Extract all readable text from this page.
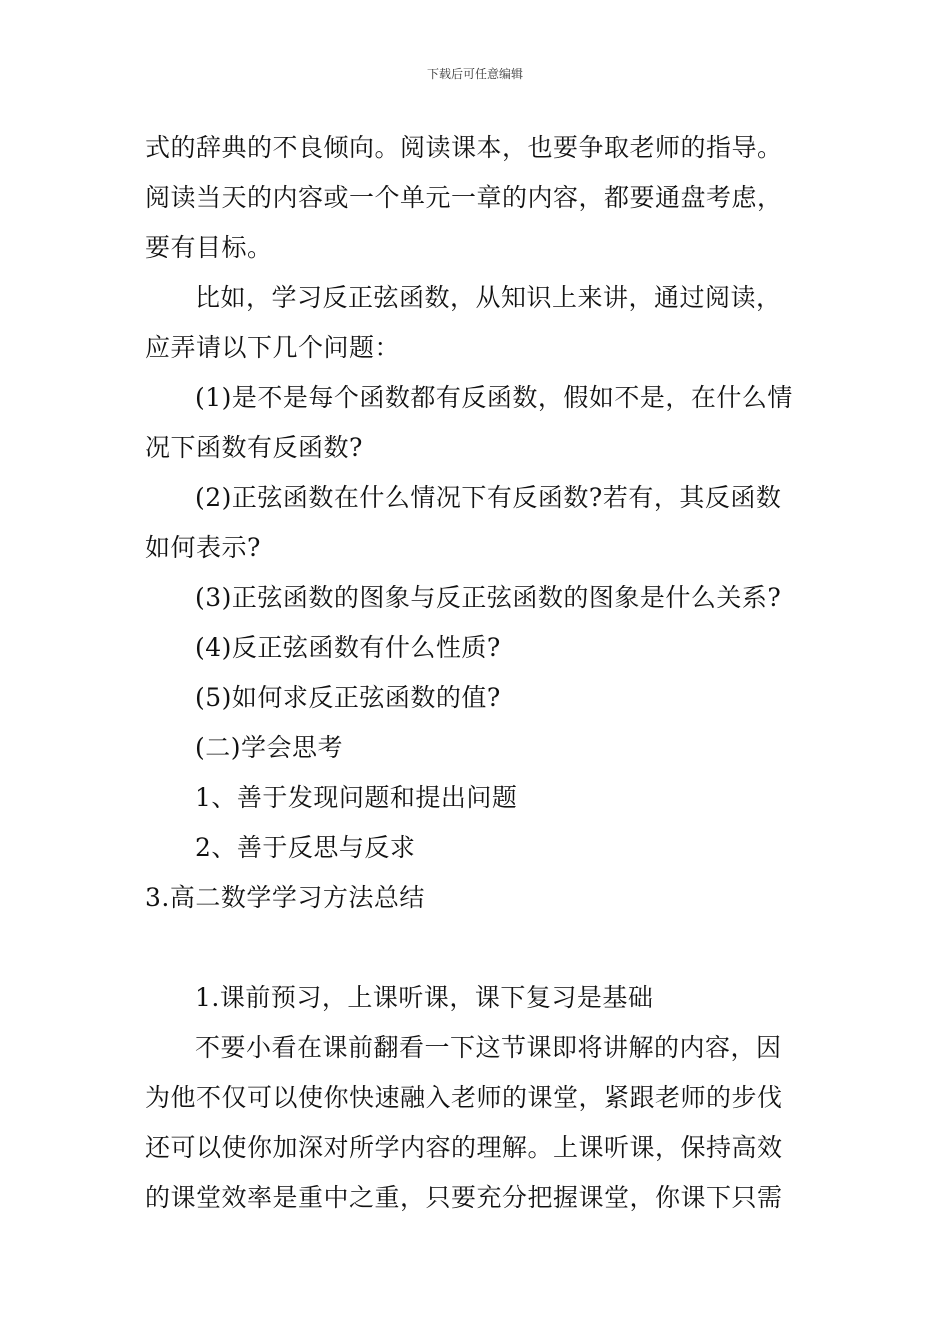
下载后可任意编辑
式的辞典的不良倾向。阅读课本，也要争取老师的指导。
阅读当天的内容或一个单元一章的内容，都要通盘考虑，
要有目标。
比如，学习反正弦函数，从知识上来讲，通过阅读，
应弄请以下几个问题：
(1)是不是每个函数都有反函数，假如不是，在什么情
况下函数有反函数?
(2)正弦函数在什么情况下有反函数?若有，其反函数
如何表示?
(3)正弦函数的图象与反正弦函数的图象是什么关系?
(4)反正弦函数有什么性质?
(5)如何求反正弦函数的值?
(二)学会思考
1、善于发现问题和提出问题
2、善于反思与反求
3.高二数学学习方法总结
1.课前预习，上课听课，课下复习是基础
不要小看在课前翻看一下这节课即将讲解的内容，因
为他不仅可以使你快速融入老师的课堂，紧跟老师的步伐
还可以使你加深对所学内容的理解。上课听课，保持高效
的课堂效率是重中之重，只要充分把握课堂，你课下只需
